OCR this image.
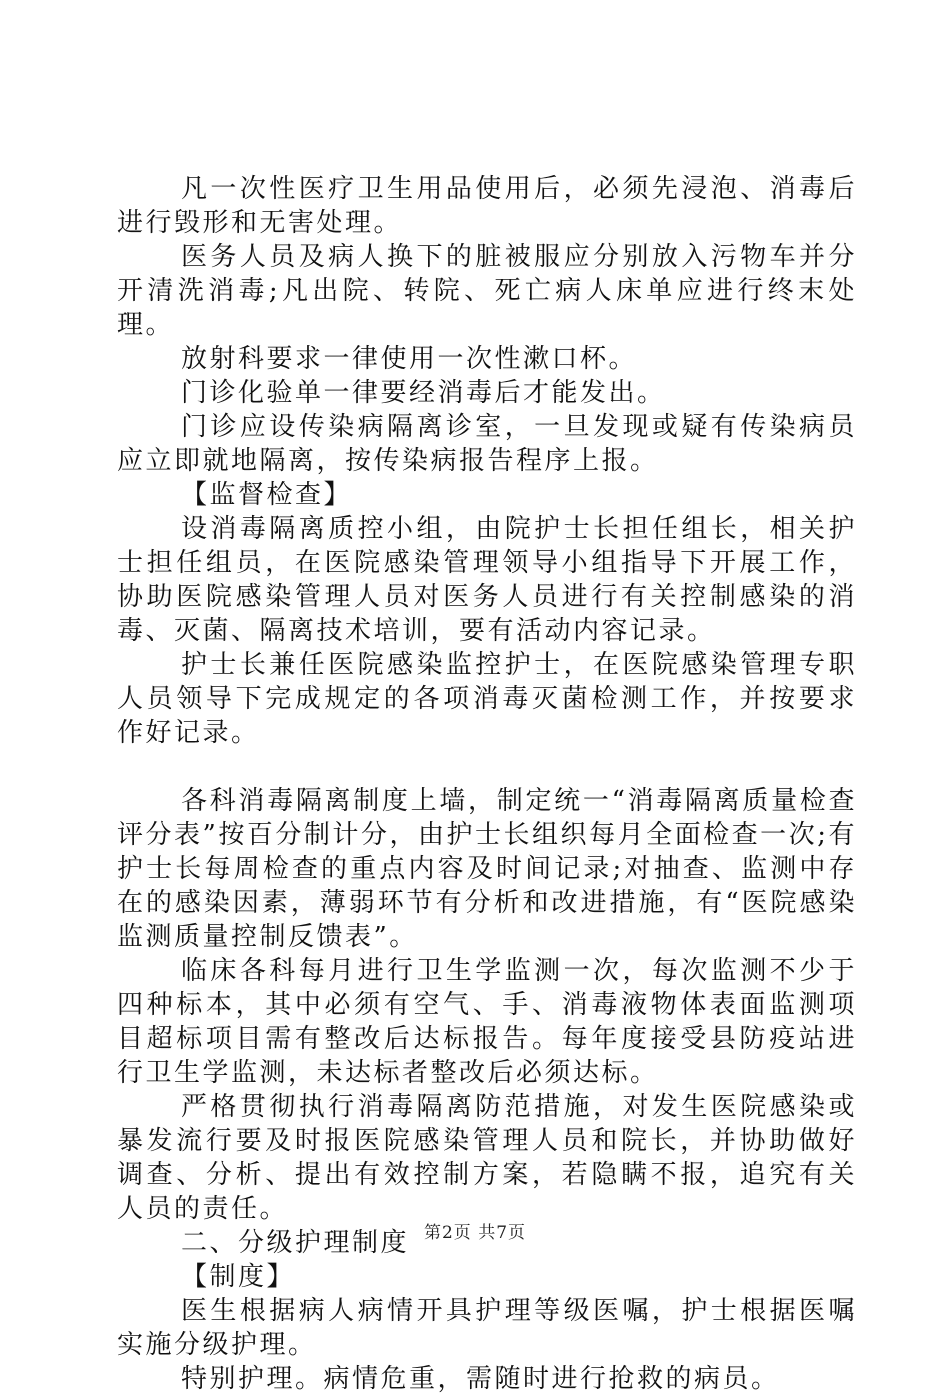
凡一次性医疗卫生用品使用后，必须先浸泡、消毒后进行毁形和无害处理。

医务人员及病人换下的脏被服应分别放入污物车并分开清洗消毒;凡出院、转院、死亡病人床单应进行终末处理。

放射科要求一律使用一次性漱口杯。

门诊化验单一律要经消毒后才能发出。

门诊应设传染病隔离诊室，一旦发现或疑有传染病员应立即就地隔离，按传染病报告程序上报。

【监督检查】

设消毒隔离质控小组，由院护士长担任组长，相关护士担任组员，在医院感染管理领导小组指导下开展工作，协助医院感染管理人员对医务人员进行有关控制感染的消毒、灭菌、隔离技术培训，要有活动内容记录。

护士长兼任医院感染监控护士，在医院感染管理专职人员领导下完成规定的各项消毒灭菌检测工作，并按要求作好记录。

各科消毒隔离制度上墙，制定统一“消毒隔离质量检查评分表”按百分制计分，由护士长组织每月全面检查一次;有护士长每周检查的重点内容及时间记录;对抽查、监测中存在的感染因素，薄弱环节有分析和改进措施，有“医院感染监测质量控制反馈表”。

临床各科每月进行卫生学监测一次，每次监测不少于四种标本，其中必须有空气、手、消毒液物体表面监测项目超标项目需有整改后达标报告。每年度接受县防疫站进行卫生学监测，未达标者整改后必须达标。

严格贯彻执行消毒隔离防范措施，对发生医院感染或暴发流行要及时报医院感染管理人员和院长，并协助做好调查、分析、提出有效控制方案，若隐瞒不报，追究有关人员的责任。

二、分级护理制度

【制度】

医生根据病人病情开具护理等级医嘱，护士根据医嘱实施分级护理。

特别护理。病情危重，需随时进行抢救的病员。

第2页 共7页
